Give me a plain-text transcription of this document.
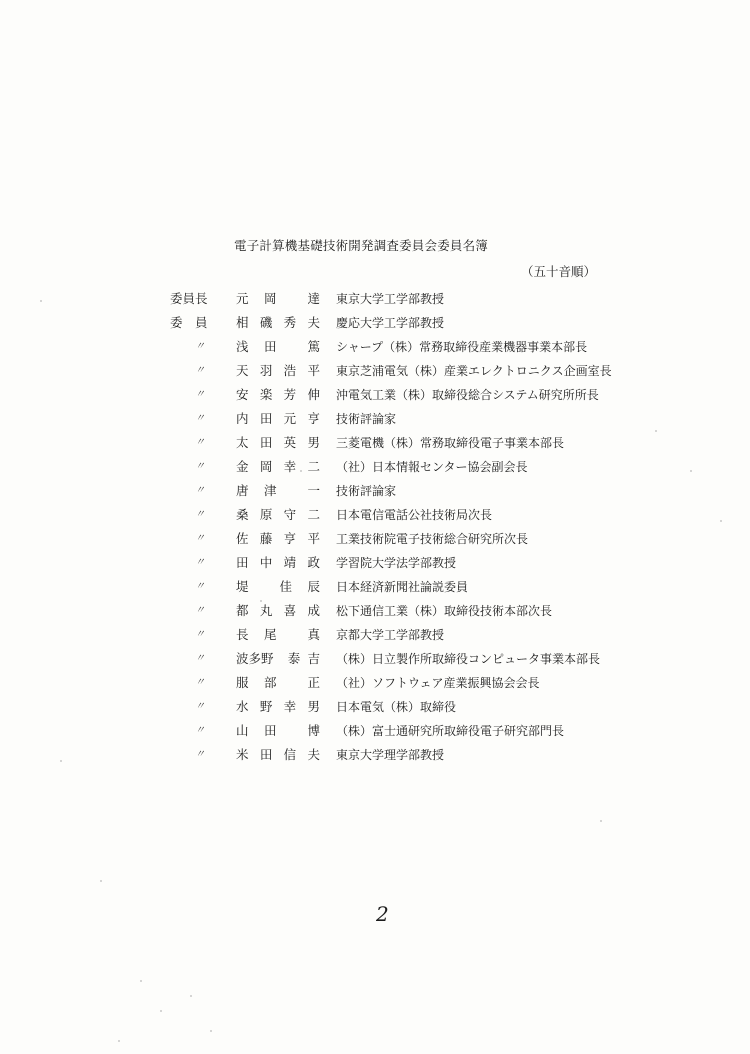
電子計算機基礎技術開発調査委員会委員名簿
（五十音順）
委員長	元 岡 達 東京大学工学部教授
委　員	相 磯 秀 夫 慶応大学工学部教授
〃	浅 田 篤 シャープ（株）常務取締役産業機器事業本部長
〃	天 羽 浩 平 東京芝浦電気（株）産業エレクトロニクス企画室長
〃	安 楽 芳 伸 沖電気工業（株）取締役総合システム研究所所長
〃	内 田 元 亨 技術評論家
〃	太 田 英 男 三菱電機（株）常務取締役電子事業本部長
〃	金 岡 幸 二 （社）日本情報センター協会副会長
〃	唐 津 一 技術評論家
〃	桑 原 守 二 日本電信電話公社技術局次長
〃	佐 藤 亨 平 工業技術院電子技術総合研究所次長
〃	田 中 靖 政 学習院大学法学部教授
〃	堤 佳 辰 日本経済新聞社論説委員
〃	都 丸 喜 成 松下通信工業（株）取締役技術本部次長
〃	長 尾 真 京都大学工学部教授
〃	波多野 泰 吉 （株）日立製作所取締役コンピュータ事業本部長
〃	服 部 正 （社）ソフトウェア産業振興協会会長
〃	水 野 幸 男 日本電気（株）取締役
〃	山 田 博 （株）富士通研究所取締役電子研究部門長
〃	米 田 信 夫 東京大学理学部教授
2
